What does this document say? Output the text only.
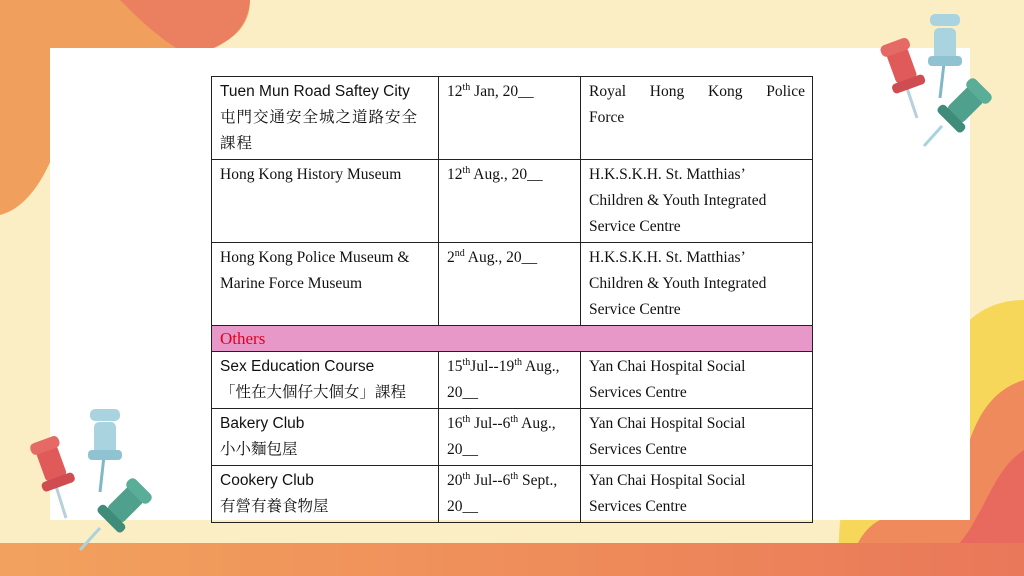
Tuen Mun Road Saftey City
屯門交通安全城之道路安全課程	12th Jan, 20__	Royal Hong Kong Police
Force

Hong Kong History Museum	12th Aug., 20__	H.K.S.K.H. St. Matthias’
Children & Youth Integrated
Service Centre

Hong Kong Police Museum &
Marine Force Museum	2nd Aug., 20__	H.K.S.K.H. St. Matthias’
Children & Youth Integrated
Service Centre

Others		

Sex Education Course
「性在大個仔大個女」課程	15thJul--19th Aug.,
20__	Yan Chai Hospital Social
Services Centre

Bakery Club
小小麵包屋	16th Jul--6th Aug.,
20__	Yan Chai Hospital Social
Services Centre

Cookery Club
有營有養食物屋	20th Jul--6th Sept.,
20__	Yan Chai Hospital Social
Services Centre
